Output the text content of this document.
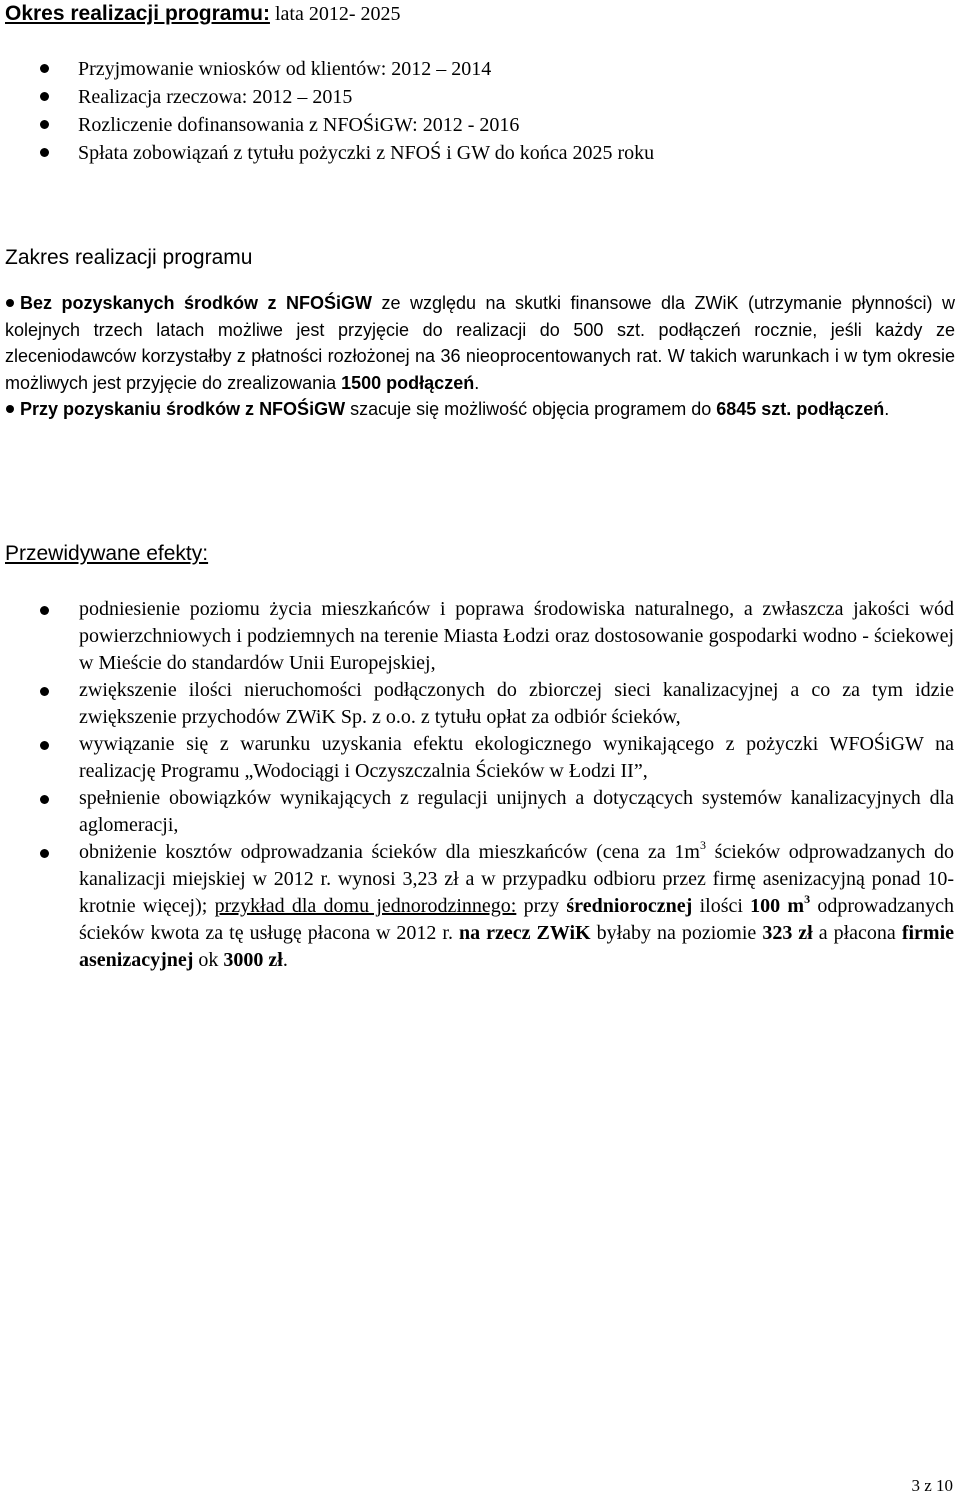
Okres realizacji programu: lata 2012- 2025
Przyjmowanie wniosków od klientów: 2012 – 2014
Realizacja rzeczowa: 2012 – 2015
Rozliczenie dofinansowania z NFOŚiGW: 2012 - 2016
Spłata zobowiązań z tytułu pożyczki z NFOŚ i GW do końca 2025 roku
Zakres realizacji programu

Bez pozyskanych środków z NFOŚiGW ze względu na skutki finansowe dla ZWiK (utrzymanie płynności) w kolejnych trzech latach możliwe jest przyjęcie do realizacji do 500 szt. podłączeń rocznie, jeśli każdy ze zleceniodawców korzystałby z płatności rozłożonej na 36 nieoprocentowanych rat. W takich warunkach i w tym okresie możliwych jest przyjęcie do zrealizowania 1500 podłączeń.

Przy pozyskaniu środków z NFOŚiGW szacuje się możliwość objęcia programem do 6845 szt. podłączeń.

Przewidywane efekty:
podniesienie poziomu życia mieszkańców i poprawa środowiska naturalnego, a zwłaszcza jakości wód powierzchniowych i podziemnych na terenie Miasta Łodzi oraz dostosowanie gospodarki wodno - ściekowej w Mieście do standardów Unii Europejskiej,
zwiększenie ilości nieruchomości podłączonych do zbiorczej sieci kanalizacyjnej a co za tym idzie zwiększenie przychodów ZWiK Sp. z o.o. z tytułu opłat za odbiór ścieków,
wywiązanie się z warunku uzyskania efektu ekologicznego wynikającego z pożyczki WFOŚiGW na realizację Programu „Wodociągi i Oczyszczalnia Ścieków w Łodzi II”,
spełnienie obowiązków wynikających z regulacji unijnych a dotyczących systemów kanalizacyjnych dla aglomeracji,
obniżenie kosztów odprowadzania ścieków dla mieszkańców (cena za $1m^3$ ścieków odprowadzanych do kanalizacji miejskiej w 2012 r. wynosi 3,23 zł a w przypadku odbioru przez firmę asenizacyjną ponad 10-krotnie więcej); przykład dla domu jednorodzinnego: przy średniorocznej ilości 100 $m^3$ odprowadzanych ścieków kwota za tę usługę płacona w 2012 r. na rzecz ZWiK byłaby na poziomie 323 zł a płacona firmie asenizacyjnej ok 3000 zł.
3 z 10
